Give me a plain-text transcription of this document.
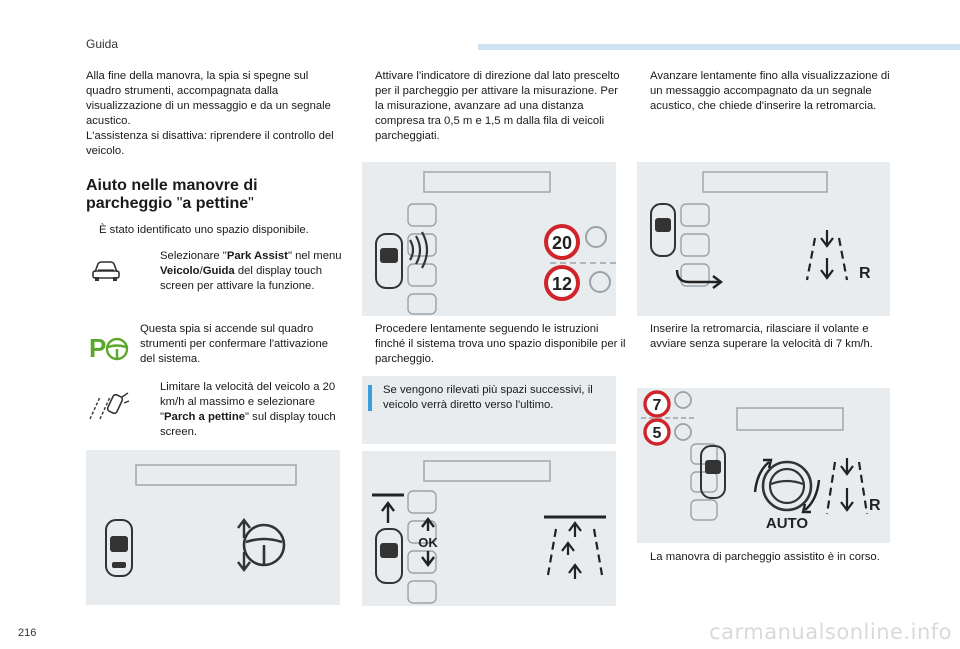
Guida
Alla fine della manovra, la spia si spegne sul quadro strumenti, accompagnata dalla visualizzazione di un messaggio e da un segnale acustico.
L'assistenza si disattiva: riprendere il controllo del veicolo.
Aiuto nelle manovre di
parcheggio "a pettine"
È stato identificato uno spazio disponibile.
Selezionare "Park Assist" nel menu Veicolo/Guida del display touch screen per attivare la funzione.
P
Questa spia si accende sul quadro strumenti per confermare l'attivazione del sistema.
Limitare la velocità del veicolo a 20 km/h al massimo e selezionare "Parch a pettine" sul display touch screen.
Attivare l'indicatore di direzione dal lato prescelto per il parcheggio per attivare la misurazione. Per la misurazione, avanzare ad una distanza compresa tra 0,5 m e 1,5 m dalla fila di veicoli parcheggiati.
20
12
Procedere lentamente seguendo le istruzioni finché il sistema trova uno spazio disponibile per il parcheggio.
Se vengono rilevati più spazi successivi, il veicolo verrà diretto verso l'ultimo.
OK
Avanzare lentamente fino alla visualizzazione di un messaggio accompagnato da un segnale acustico, che chiede d'inserire la retromarcia.
R
Inserire la retromarcia, rilasciare il volante e avviare senza superare la velocità di 7 km/h.
7
5
AUTO
R
La manovra di parcheggio assistito è in corso.
216	carmanualsonline.info
